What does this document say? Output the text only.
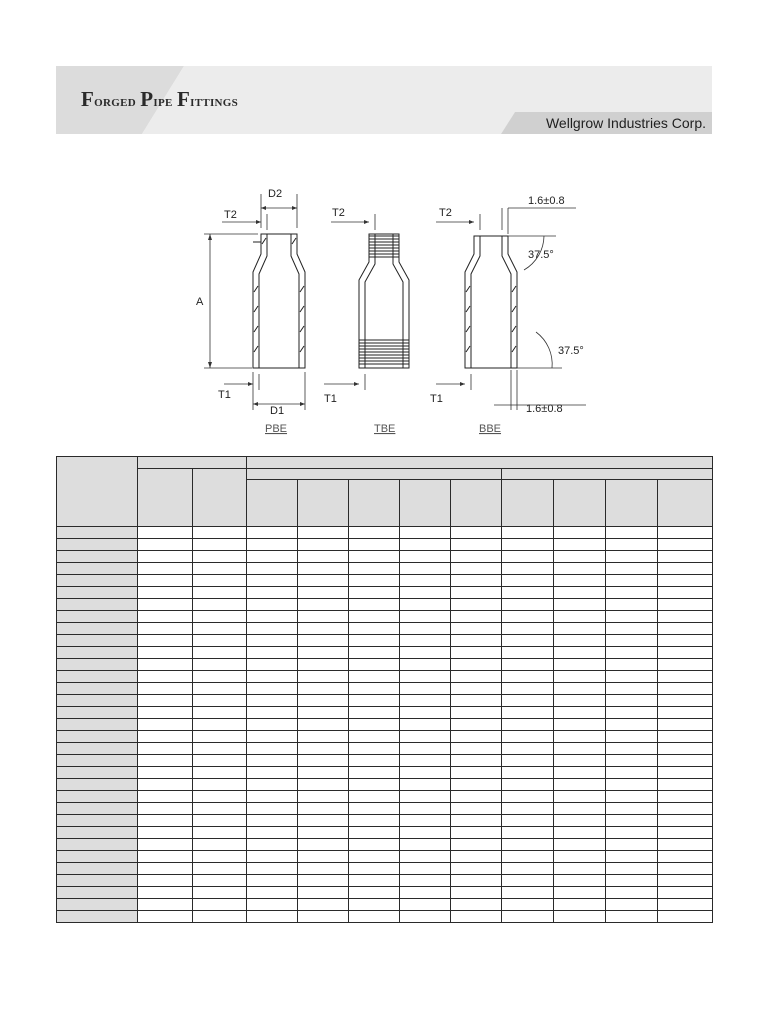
Forged Pipe Fittings
Wellgrow Industries Corp.
D2
T2
A
T1
D1
T2
T1
T2
T1
1.6±0.8
1.6±0.8
37.5°
37.5°
PBE	TBE	BBE
